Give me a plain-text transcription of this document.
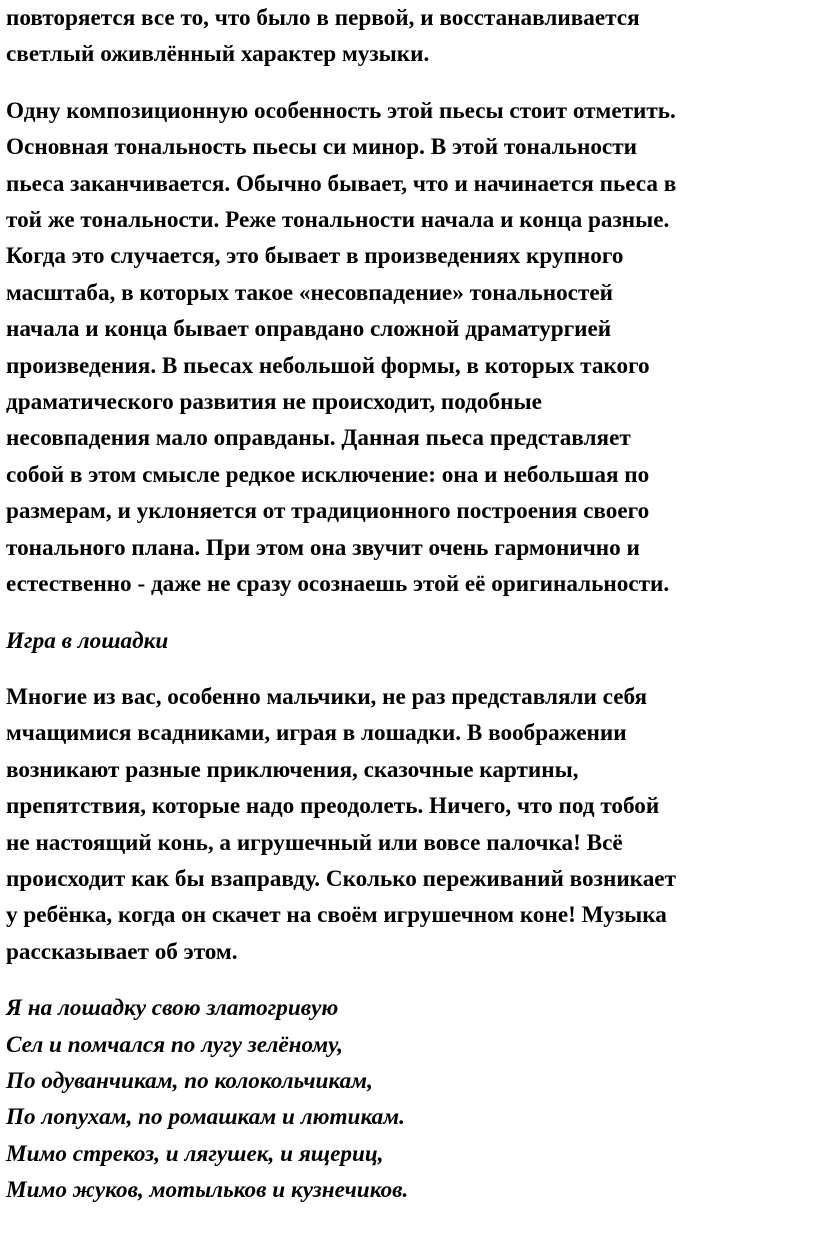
повторяется все то, что было в первой, и восстанавливается
светлый оживлённый характер музыки.

Одну композиционную особенность этой пьесы стоит отметить.
Основная тональность пьесы си минор. В этой тональности
пьеса заканчивается. Обычно бывает, что и начинается пьеса в
той же тональности. Реже тональности начала и конца разные.
Когда это случается, это бывает в произведениях крупного
масштаба, в которых такое «несовпадение» тональностей
начала и конца бывает оправдано сложной драматургией
произведения. В пьесах небольшой формы, в которых такого
драматического развития не происходит, подобные
несовпадения мало оправданы. Данная пьеса представляет
собой в этом смысле редкое исключение: она и небольшая по
размерам, и уклоняется от традиционного построения своего
тонального плана. При этом она звучит очень гармонично и
естественно - даже не сразу осознаешь этой её оригинальности.

Игра в лошадки

Многие из вас, особенно мальчики, не раз представляли себя
мчащимися всадниками, играя в лошадки. В воображении
возникают разные приключения, сказочные картины,
препятствия, которые надо преодолеть. Ничего, что под тобой
не настоящий конь, а игрушечный или вовсе палочка! Всё
происходит как бы взаправду. Сколько переживаний возникает
у ребёнка, когда он скачет на своём игрушечном коне! Музыка
рассказывает об этом.

Я на лошадку свою златогривую
Сел и помчался по лугу зелёному,
По одуванчикам, по колокольчикам,
По лопухам, по ромашкам и лютикам.
Мимо стрекоз, и лягушек, и ящериц,
Мимо жуков, мотыльков и кузнечиков.
